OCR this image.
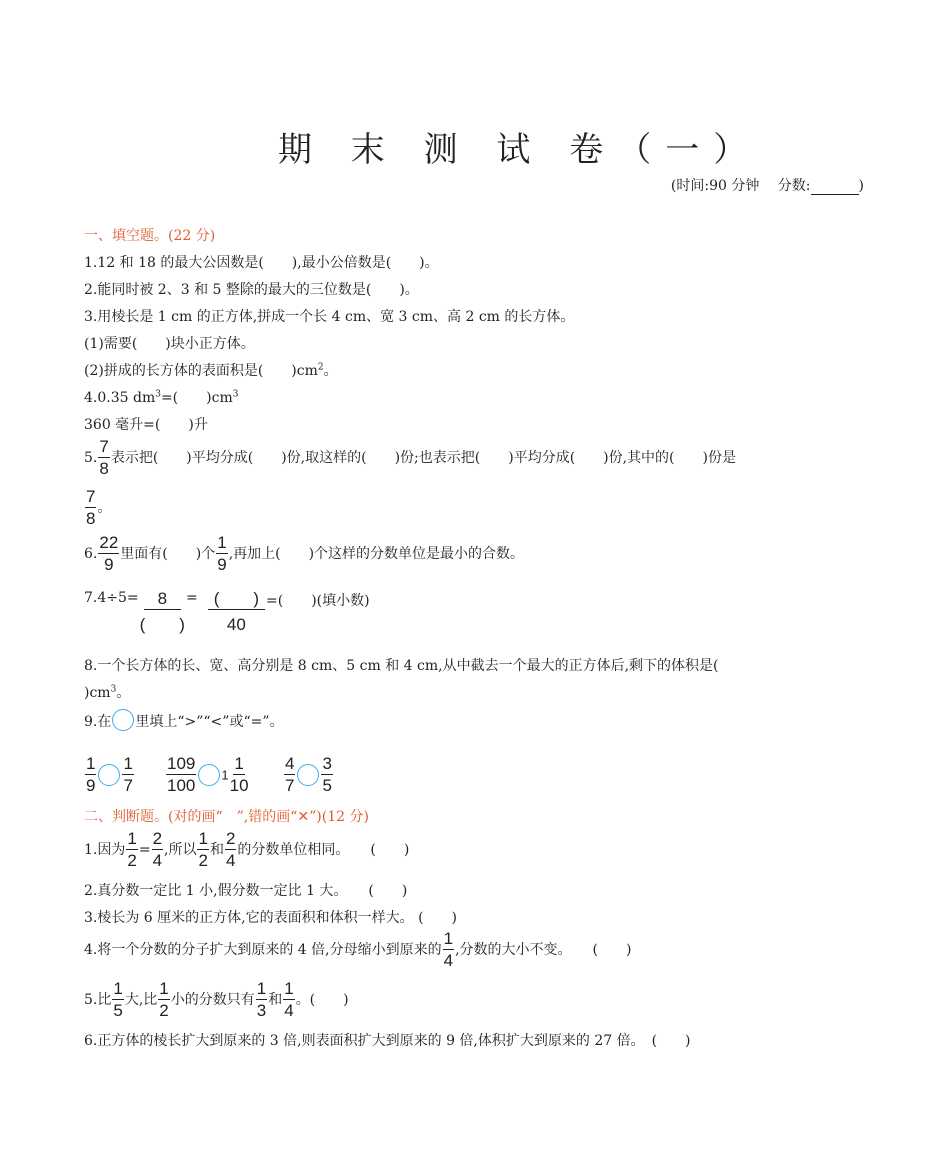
期 末 测 试 卷（一）
(时间:90 分钟　 分数:	)
一、填空题。(22 分)
1.12 和 18 的最大公因数是(　　),最小公倍数是(　　)。
2.能同时被 2、3 和 5 整除的最大的三位数是(　　)。
3.用棱长是 1 cm 的正方体,拼成一个长 4 cm、宽 3 cm、高 2 cm 的长方体。
(1)需要(　　)块小正方体。
(2)拼成的长方体的表面积是(　　)$cm^2$。
4.0.35 $dm^3=$(　　)$cm^3$
360 毫升=(　　)升
5. $\frac{7}{8}$ 表示把(　　)平均分成(　　)份,取这样的(　　)份;也表示把(　　)平均分成(　　)份,其中的(　　)份是
$\frac{7}{8}$ 。
6. $\frac{22}{9}$ 里面有(　　)个 $\frac{1}{9}$ ,再加上(　　)个这样的分数单位是最小的合数。
$7.4\div 5= \frac{8}{( )} = \frac{( )}{40}$ =(　　)(填小数)
8.一个长方体的长、宽、高分别是 8 cm、5 cm 和 4 cm,从中截去一个最大的正方体后,剩下的体积是(
)$cm^3$。
9.在 里填上“>”“<”或“=”。
$\frac{1}{9} \frac{1}{7} \frac{109}{100} 1 \frac{1}{10} \frac{4}{7} \frac{3}{5}$
二、判断题。(对的画“　”,错的画“✕”)(12 分)
1.因为 $\frac{1}{2} = \frac{2}{4}$ ,所以 $\frac{1}{2}$ 和 $\frac{2}{4}$ 的分数单位相同。　　(　　)
2.真分数一定比 1 小,假分数一定比 1 大。　　(　　)
3.棱长为 6 厘米的正方体,它的表面积和体积一样大。 (　　)
4.将一个分数的分子扩大到原来的 4 倍,分母缩小到原来的 $\frac{1}{4}$ ,分数的大小不变。　　(　　)
5.比 $\frac{1}{5}$ 大,比 $\frac{1}{2}$ 小的分数只有 $\frac{1}{3}$ 和 $\frac{1}{4}$ 。(　　)
6.正方体的棱长扩大到原来的 3 倍,则表面积扩大到原来的 9 倍,体积扩大到原来的 27 倍。　(　　)
